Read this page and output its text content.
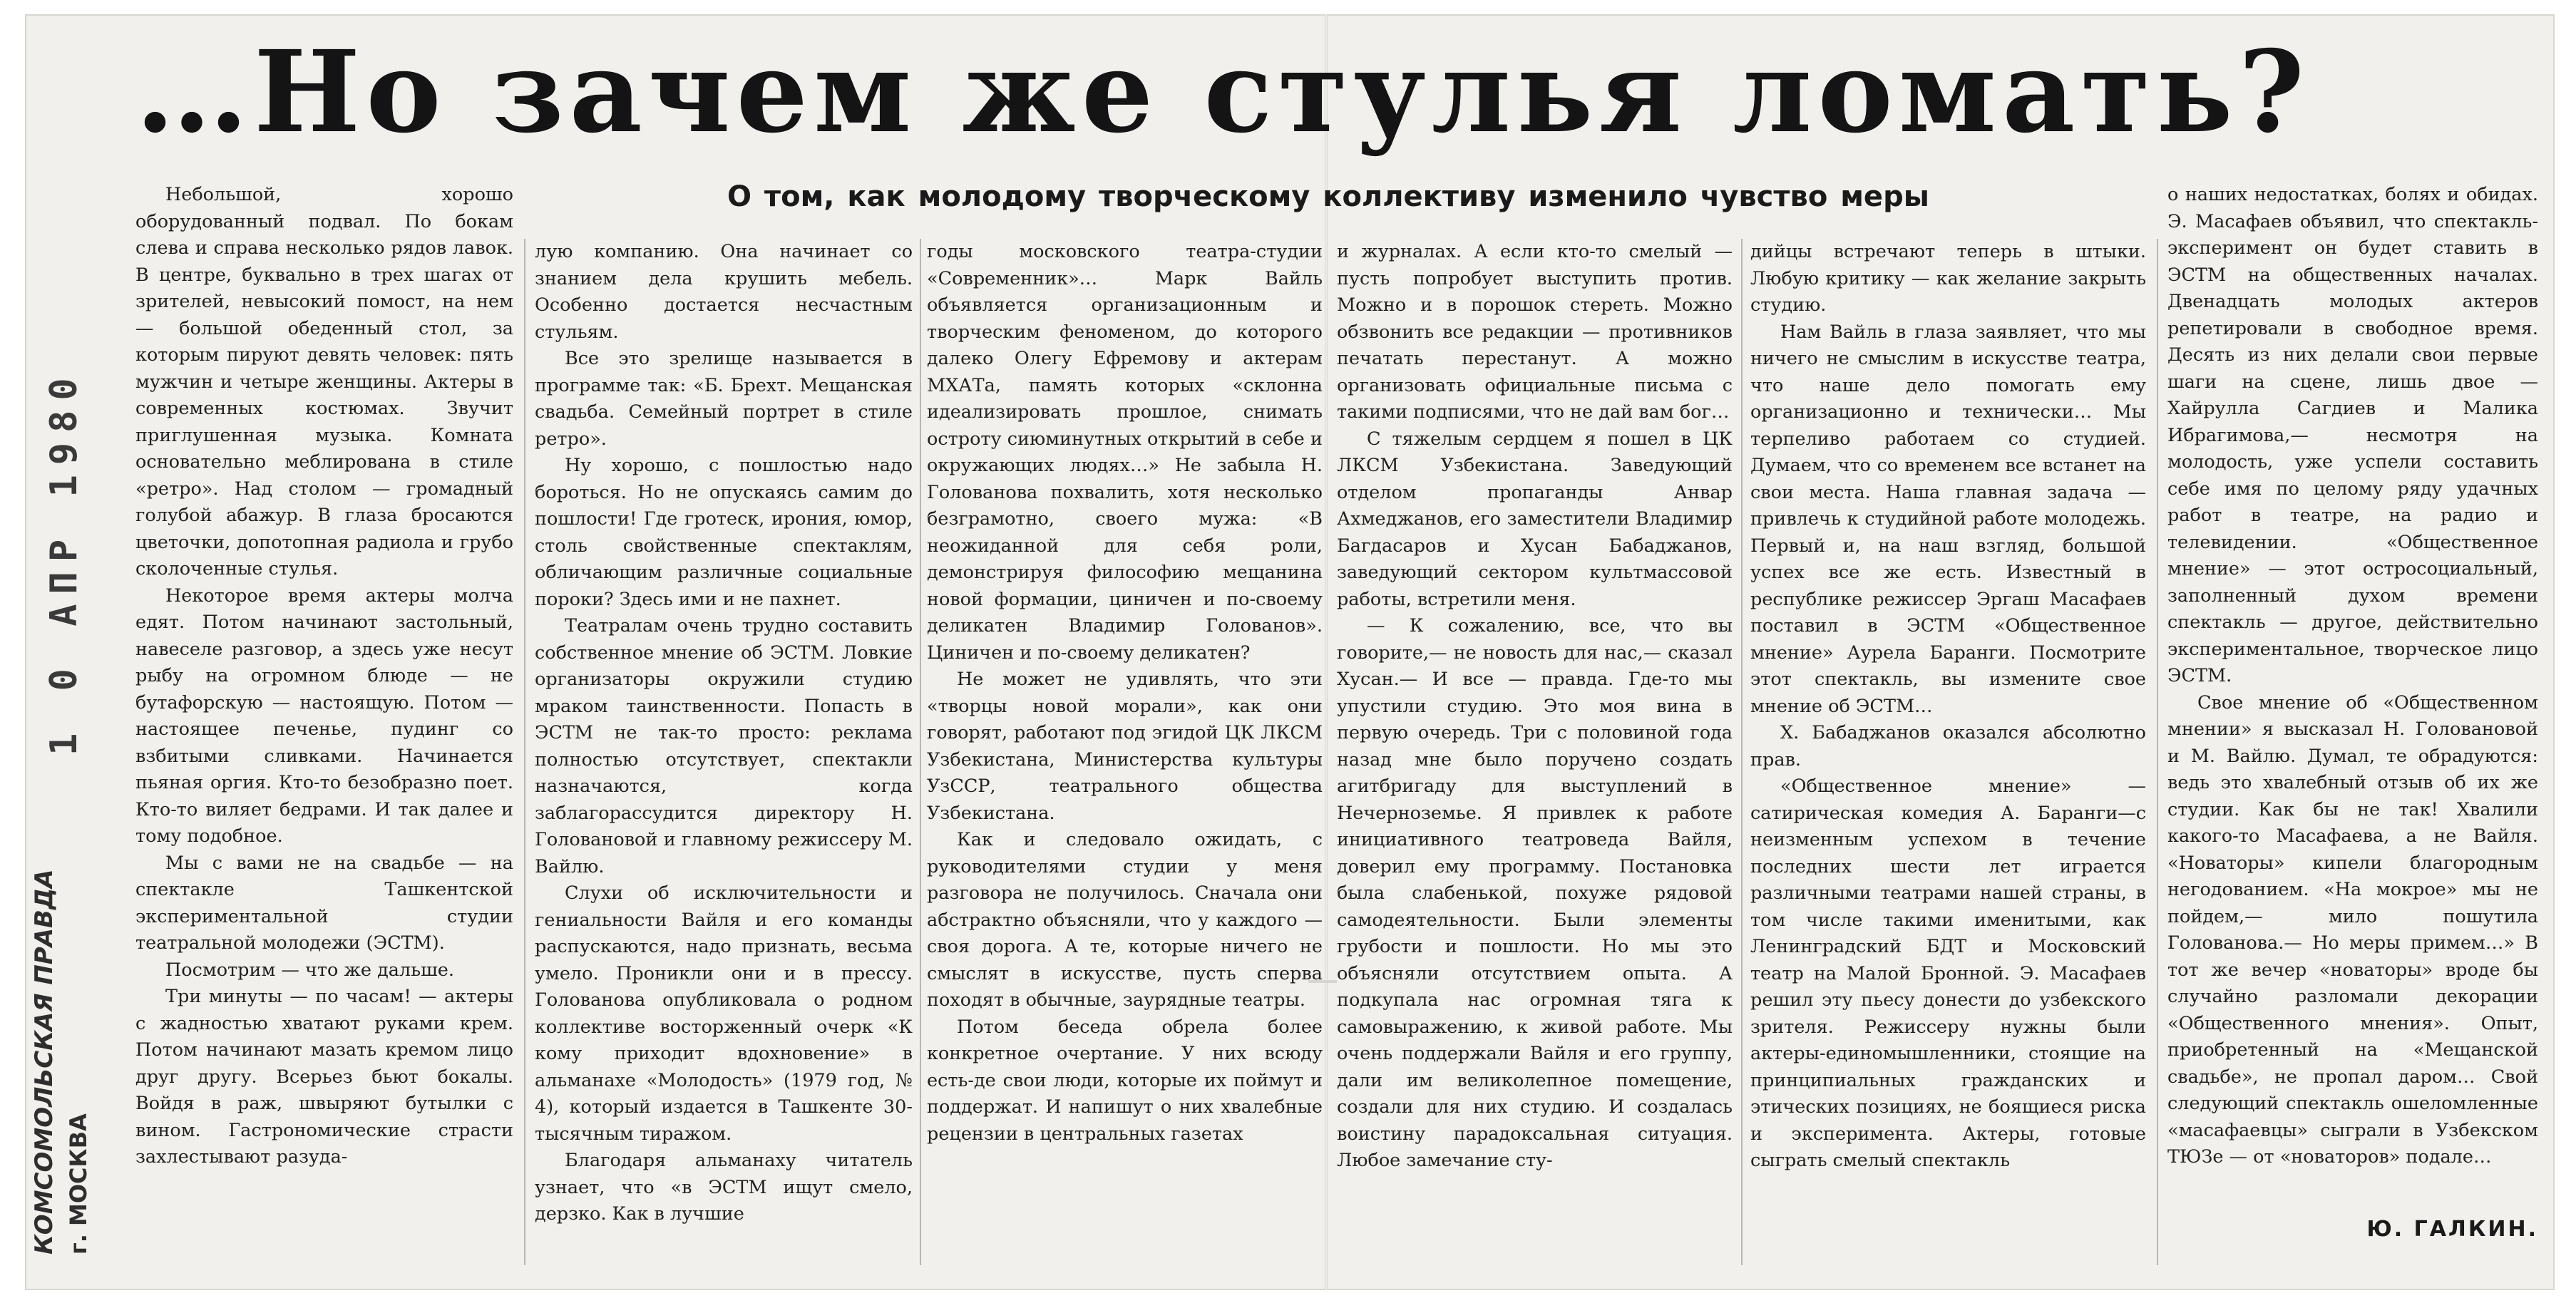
1 0 АПР 1980
КОМСОМОЛЬСКАЯ ПРАВДА г. МОСКВА
…Но зачем же стулья ломать?
О том, как молодому творческому коллективу изменило чувство меры

Небольшой, хорошо оборудованный подвал. По бокам слева и справа несколько рядов лавок. В центре, буквально в трех шагах от зрителей, невысокий помост, на нем — большой обеденный стол, за которым пируют девять человек: пять мужчин и четыре женщины. Актеры в современных костюмах. Звучит приглушенная музыка. Комната основательно меблирована в стиле «ретро». Над столом — громадный голубой абажур. В глаза бросаются цветочки, допотопная радиола и грубо сколоченные стулья.

Некоторое время актеры молча едят. Потом начинают застольный, навеселе разговор, а здесь уже несут рыбу на огромном блюде — не бутафорскую — настоящую. Потом — настоящее печенье, пудинг со взбитыми сливками. Начинается пьяная оргия. Кто-то безобразно поет. Кто-то виляет бедрами. И так далее и тому подобное.

Мы с вами не на свадьбе — на спектакле Ташкентской экспериментальной студии театральной молодежи (ЭСТМ).

Посмотрим — что же дальше.

Три минуты — по часам! — актеры с жадностью хватают руками крем. Потом начинают мазать кремом лицо друг другу. Всерьез бьют бокалы. Войдя в раж, швыряют бутылки с вином. Гастрономические страсти захлестывают разуда-

лую компанию. Она начинает со знанием дела крушить мебель. Особенно достается несчастным стульям.

Все это зрелище называется в программе так: «Б. Брехт. Мещанская свадьба. Семейный портрет в стиле ретро».

Ну хорошо, с пошлостью надо бороться. Но не опускаясь самим до пошлости! Где гротеск, ирония, юмор, столь свойственные спектаклям, обличающим различные социальные пороки? Здесь ими и не пахнет.

Театралам очень трудно составить собственное мнение об ЭСТМ. Ловкие организаторы окружили студию мраком таинственности. Попасть в ЭСТМ не так-то просто: реклама полностью отсутствует, спектакли назначаются, когда заблагорассудится директору Н. Головановой и главному режиссеру М. Вайлю.

Слухи об исключительности и гениальности Вайля и его команды распускаются, надо признать, весьма умело. Проникли они и в прессу. Голованова опубликовала о родном коллективе восторженный очерк «К кому приходит вдохновение» в альманахе «Молодость» (1979 год, № 4), который издается в Ташкенте 30-тысячным тиражом.

Благодаря альманаху читатель узнает, что «в ЭСТМ ищут смело, дерзко. Как в лучшие

годы московского театра-студии «Современник»… Марк Вайль объявляется организационным и творческим феноменом, до которого далеко Олегу Ефремову и актерам МХАТа, память которых «склонна идеализировать прошлое, снимать остроту сиюминутных открытий в себе и окружающих людях…» Не забыла Н. Голованова похвалить, хотя несколько безграмотно, своего мужа: «В неожиданной для себя роли, демонстрируя философию мещанина новой формации, циничен и по-своему деликатен Владимир Голованов». Циничен и по-своему деликатен?

Не может не удивлять, что эти «творцы новой морали», как они говорят, работают под эгидой ЦК ЛКСМ Узбекистана, Министерства культуры УзССР, театрального общества Узбекистана.

Как и следовало ожидать, с руководителями студии у меня разговора не получилось. Сначала они абстрактно объясняли, что у каждого — своя дорога. А те, которые ничего не смыслят в искусстве, пусть сперва походят в обычные, заурядные театры.

Потом беседа обрела более конкретное очертание. У них всюду есть-де свои люди, которые их поймут и поддержат. И напишут о них хвалебные рецензии в центральных газетах

и журналах. А если кто-то смелый — пусть попробует выступить против. Можно и в порошок стереть. Можно обзвонить все редакции — противников печатать перестанут. А можно организовать официальные письма с такими подписями, что не дай вам бог…

С тяжелым сердцем я пошел в ЦК ЛКСМ Узбекистана. Заведующий отделом пропаганды Анвар Ахмеджанов, его заместители Владимир Багдасаров и Хусан Бабаджанов, заведующий сектором культмассовой работы, встретили меня.

— К сожалению, все, что вы говорите,— не новость для нас,— сказал Хусан.— И все — правда. Где-то мы упустили студию. Это моя вина в первую очередь. Три с половиной года назад мне было поручено создать агитбригаду для выступлений в Нечерноземье. Я привлек к работе инициативного театроведа Вайля, доверил ему программу. Постановка была слабенькой, похуже рядовой самодеятельности. Были элементы грубости и пошлости. Но мы это объясняли отсутствием опыта. А подкупала нас огромная тяга к самовыражению, к живой работе. Мы очень поддержали Вайля и его группу, дали им великолепное помещение, создали для них студию. И создалась воистину парадоксальная ситуация. Любое замечание сту-

дийцы встречают теперь в штыки. Любую критику — как желание закрыть студию.

Нам Вайль в глаза заявляет, что мы ничего не смыслим в искусстве театра, что наше дело помогать ему организационно и технически… Мы терпеливо работаем со студией. Думаем, что со временем все встанет на свои места. Наша главная задача — привлечь к студийной работе молодежь. Первый и, на наш взгляд, большой успех все же есть. Известный в республике режиссер Эргаш Масафаев поставил в ЭСТМ «Общественное мнение» Аурела Баранги. Посмотрите этот спектакль, вы измените свое мнение об ЭСТМ…

Х. Бабаджанов оказался абсолютно прав.

«Общественное мнение» — сатирическая комедия А. Баранги—с неизменным успехом в течение последних шести лет играется различными театрами нашей страны, в том числе такими именитыми, как Ленинградский БДТ и Московский театр на Малой Бронной. Э. Масафаев решил эту пьесу донести до узбекского зрителя. Режиссеру нужны были актеры-единомышленники, стоящие на принципиальных гражданских и этических позициях, не боящиеся риска и эксперимента. Актеры, готовые сыграть смелый спектакль

о наших недостатках, болях и обидах. Э. Масафаев объявил, что спектакль-эксперимент он будет ставить в ЭСТМ на общественных началах. Двенадцать молодых актеров репетировали в свободное время. Десять из них делали свои первые шаги на сцене, лишь двое — Хайрулла Сагдиев и Малика Ибрагимова,— несмотря на молодость, уже успели составить себе имя по целому ряду удачных работ в театре, на радио и телевидении. «Общественное мнение» — этот остросоциальный, заполненный духом времени спектакль — другое, действительно экспериментальное, творческое лицо ЭСТМ.

Свое мнение об «Общественном мнении» я высказал Н. Головановой и М. Вайлю. Думал, те обрадуются: ведь это хвалебный отзыв об их же студии. Как бы не так! Хвалили какого-то Масафаева, а не Вайля. «Новаторы» кипели благородным негодованием. «На мокрое» мы не пойдем,— мило пошутила Голованова.— Но меры примем…» В тот же вечер «новаторы» вроде бы случайно разломали декорации «Общественного мнения». Опыт, приобретенный на «Мещанской свадьбе», не пропал даром… Свой следующий спектакль ошеломленные «масафаевцы» сыграли в Узбекском ТЮЗе — от «новаторов» подале…

Ю. ГАЛКИН.
